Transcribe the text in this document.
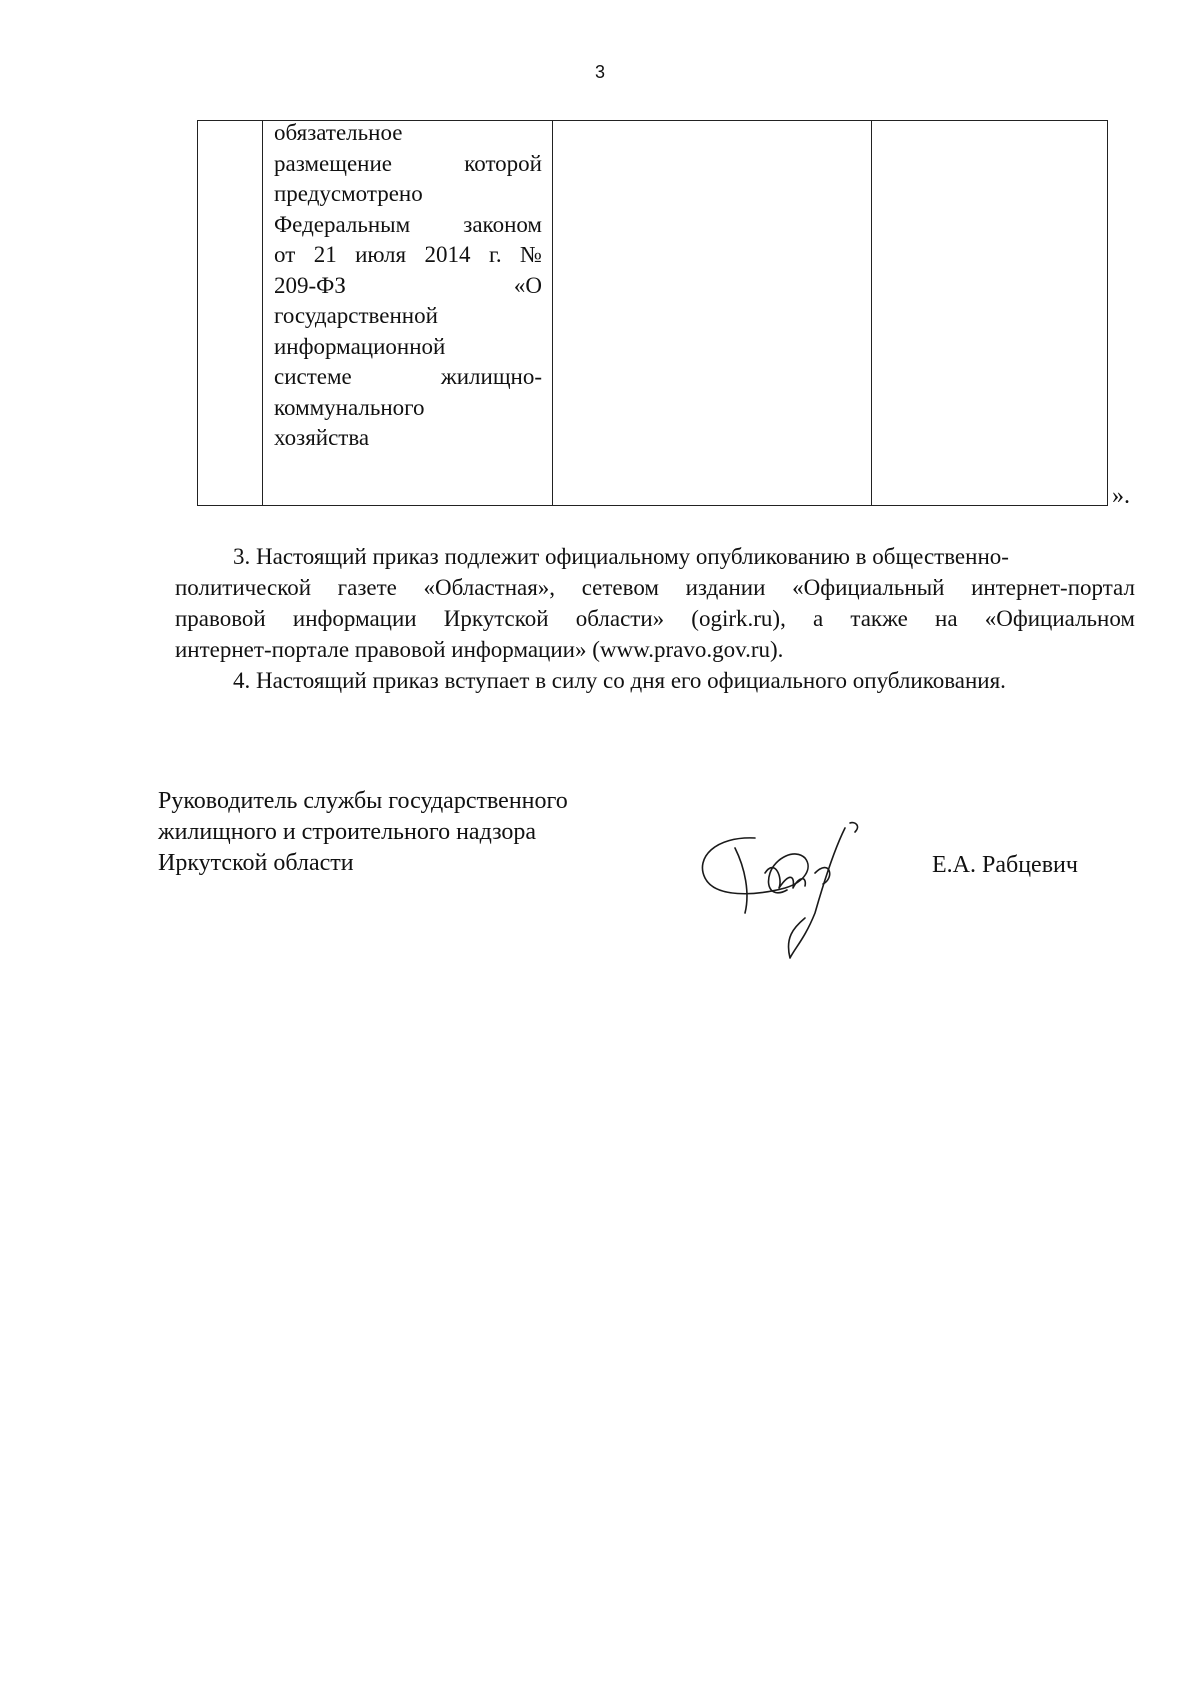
3
обязательное
размещение	которой
предусмотрено
Федеральным законом
от 21 июля 2014 г. №
209-ФЗ	«О
государственной
информационной
системе	жилищно-
коммунального
хозяйства
».
3. Настоящий приказ подлежит официальному опубликованию в общественно-
политической газете «Областная», сетевом издании «Официальный интернет-портал
правовой информации Иркутской области» (ogirk.ru), а также на «Официальном
интернет-портале правовой информации» (www.pravo.gov.ru).
4. Настоящий приказ вступает в силу со дня его официального опубликования.
Руководитель службы государственного
жилищного и строительного надзора
Иркутской области	Е.А. Рабцевич
